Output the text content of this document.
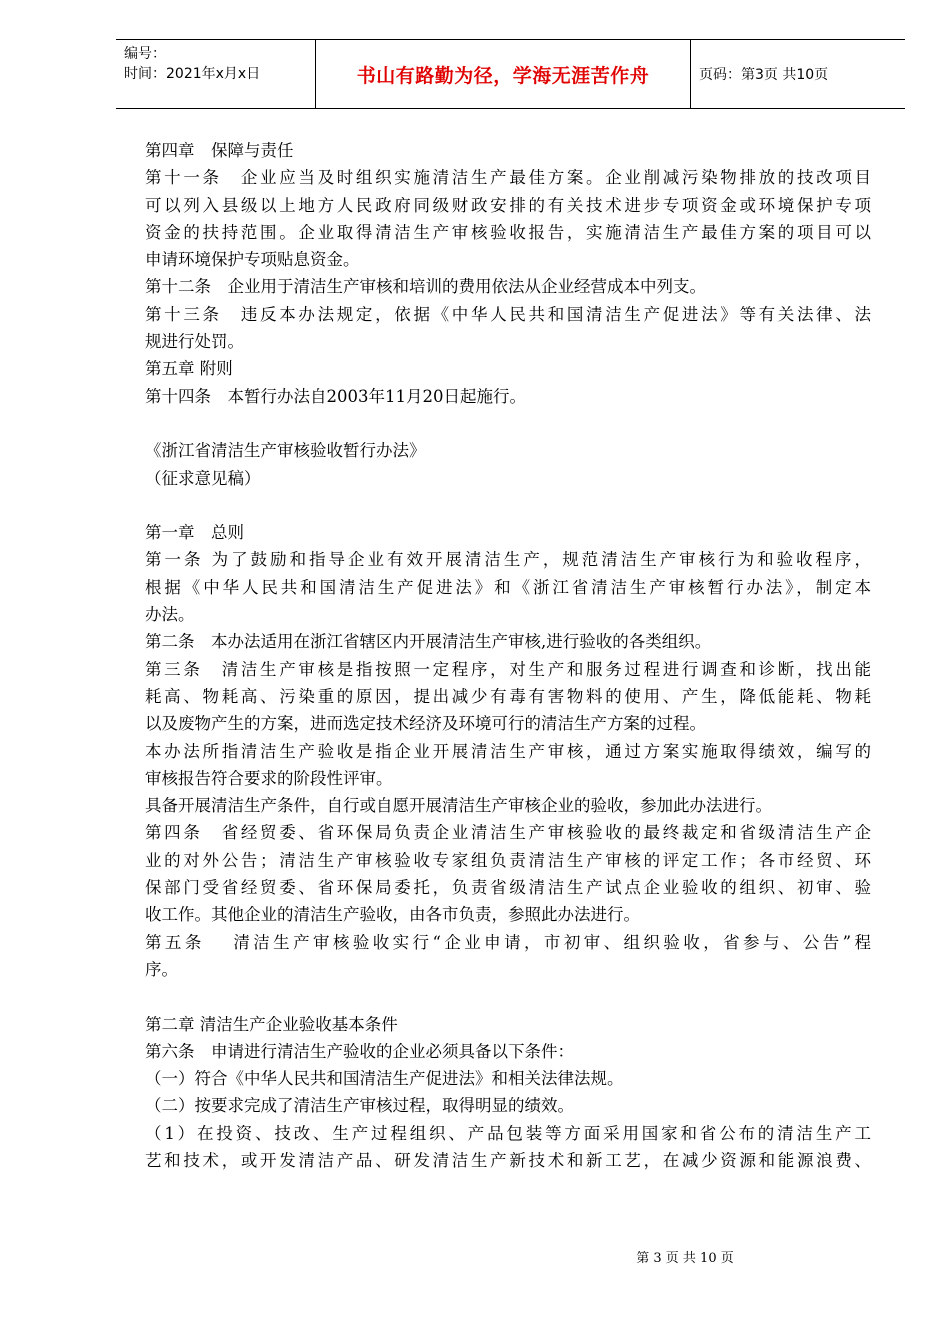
编号：
时间：2021年x月x日	书山有路勤为径，学海无涯苦作舟	页码：第3页 共10页
第四章　保障与责任
第十一条　企业应当及时组织实施清洁生产最佳方案。企业削减污染物排放的技改项目
可以列入县级以上地方人民政府同级财政安排的有关技术进步专项资金或环境保护专项
资金的扶持范围。企业取得清洁生产审核验收报告，实施清洁生产最佳方案的项目可以
申请环境保护专项贴息资金。
第十二条　企业用于清洁生产审核和培训的费用依法从企业经营成本中列支。
第十三条　违反本办法规定，依据《中华人民共和国清洁生产促进法》等有关法律、法
规进行处罚。
第五章 附则
第十四条　本暂行办法自2003年11月20日起施行。
《浙江省清洁生产审核验收暂行办法》
（征求意见稿）
第一章　总则
第一条 为了鼓励和指导企业有效开展清洁生产，规范清洁生产审核行为和验收程序，
根据《中华人民共和国清洁生产促进法》和《浙江省清洁生产审核暂行办法》，制定本
办法。
第二条　本办法适用在浙江省辖区内开展清洁生产审核,进行验收的各类组织。
第三条　清洁生产审核是指按照一定程序，对生产和服务过程进行调查和诊断，找出能
耗高、物耗高、污染重的原因，提出减少有毒有害物料的使用、产生，降低能耗、物耗
以及废物产生的方案，进而选定技术经济及环境可行的清洁生产方案的过程。
本办法所指清洁生产验收是指企业开展清洁生产审核，通过方案实施取得绩效，编写的
审核报告符合要求的阶段性评审。
具备开展清洁生产条件，自行或自愿开展清洁生产审核企业的验收，参加此办法进行。
第四条　省经贸委、省环保局负责企业清洁生产审核验收的最终裁定和省级清洁生产企
业的对外公告；清洁生产审核验收专家组负责清洁生产审核的评定工作；各市经贸、环
保部门受省经贸委、省环保局委托，负责省级清洁生产试点企业验收的组织、初审、验
收工作。其他企业的清洁生产验收，由各市负责，参照此办法进行。
第五条　 清洁生产审核验收实行“企业申请，市初审、组织验收，省参与、公告”程
序。
第二章 清洁生产企业验收基本条件
第六条　申请进行清洁生产验收的企业必须具备以下条件：
（一）符合《中华人民共和国清洁生产促进法》和相关法律法规。
（二）按要求完成了清洁生产审核过程，取得明显的绩效。
（1）在投资、技改、生产过程组织、产品包装等方面采用国家和省公布的清洁生产工
艺和技术，或开发清洁产品、研发清洁生产新技术和新工艺，在减少资源和能源浪费、
第 3 页 共 10 页
